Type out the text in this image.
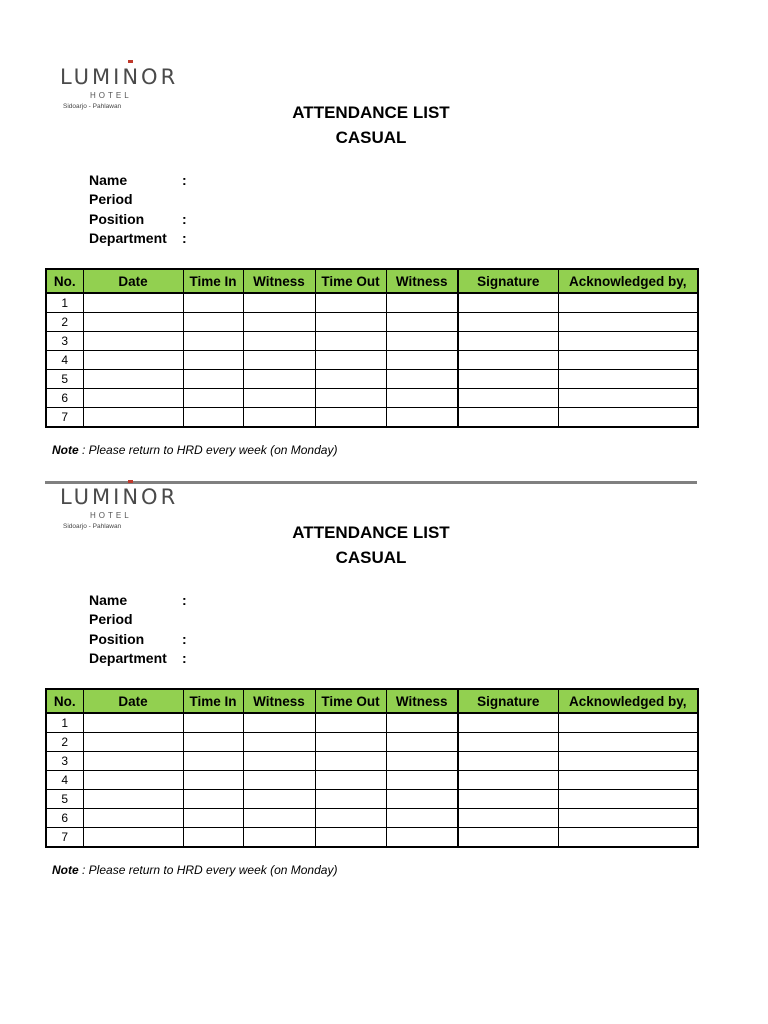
LUMINOR
HOTEL
Sidoarjo - Pahlawan	ATTENDANCE LIST
CASUAL
Name	:
Period
Position	:
Department :
No.	Date	Time In	Witness	Time Out	Witness	Signature	Acknowledged by,
1							
2							
3							
4							
5							
6							
7							
Note : Please return to HRD every week (on Monday)
LUMINOR
HOTEL
Sidoarjo - Pahlawan	ATTENDANCE LIST
CASUAL
Name	:
Period
Position	:
Department :
No.	Date	Time In	Witness	Time Out	Witness	Signature	Acknowledged by,
1							
2							
3							
4							
5							
6							
7							
Note : Please return to HRD every week (on Monday)
